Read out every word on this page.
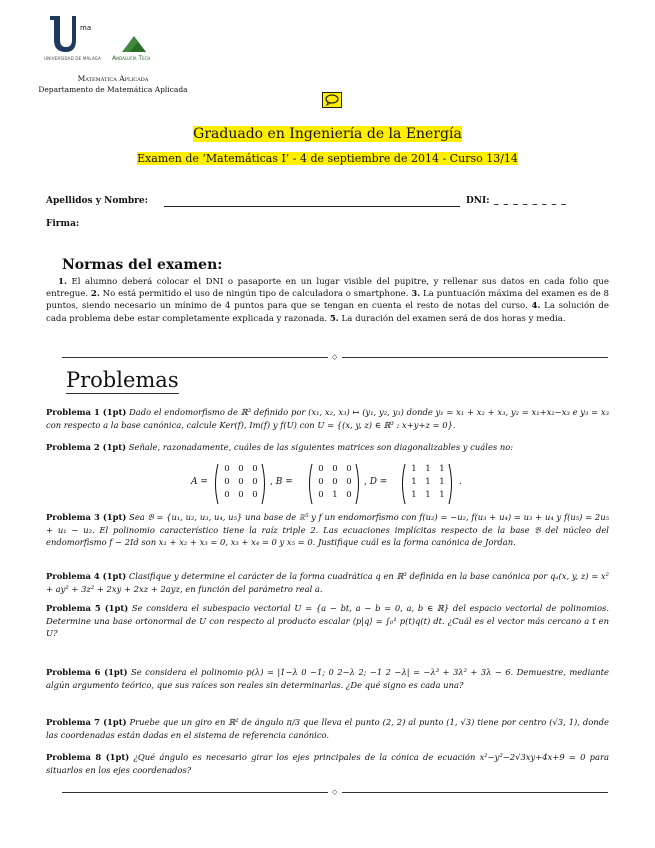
ma
UNIVERSIDAD DE MÁLAGA Andalucía Tech
Matemática Aplicada
Departamento de Matemática Aplicada
Graduado en Ingeniería de la Energía
Examen de ‘Matemáticas I’ - 4 de septiembre de 2014 - Curso 13/14
Apellidos y Nombre:	DNI: _ _ _ _ _ _ _ _
Firma:
Normas del examen:
1. El alumno deberá colocar el DNI o pasaporte en un lugar visible del pupitre, y rellenar sus datos en cada folio que entregue. 2. No está permitido el uso de ningún tipo de calculadora o smartphone. 3. La puntuación máxima del examen es de 8 puntos, siendo necesario un mínimo de 4 puntos para que se tengan en cuenta el resto de notas del curso. 4. La solución de cada problema debe estar completamente explicada y razonada. 5. La duración del examen será de dos horas y media.
◇
Problemas
Problema 1 (1pt) Dado el endomorfismo de ℝ³ definido por (x₁, x₂, x₃) ↦ (y₁, y₂, y₃) donde y₁ = x₁ + x₂ + x₃, y₂ = x₁+x₂−x₃ e y₃ = x₃ con respecto a la base canónica, calcule Ker(f), Im(f) y f(U) con U = {(x, y, z) ∈ ℝ³ : x+y+z = 0}.
Problema 2 (1pt) Señale, razonadamente, cuáles de las siguientes matrices son diagonalizables y cuáles no:
A =
0	0	0
0	0	0
0	0	0
, B =
0	0	0
0	0	0
0	1	0
, D =
1	1	1
1	1	1
1	1	1
.
Problema 3 (1pt) Sea 𝔅 = {u₁, u₂, u₃, u₄, u₅} una base de ℝ⁵ y f un endomorfismo con f(u₂) = −u₂, f(u₃ + u₄) = u₃ + u₄ y f(u₅) = 2u₅ + u₁ − u₂. El polinomio característico tiene la raíz triple 2. Las ecuaciones implícitas respecto de la base 𝔅 del núcleo del endomorfismo f − 2Id son x₁ + x₂ + x₃ = 0, x₃ + x₄ = 0 y x₅ = 0. Justifique cuál es la forma canónica de Jordan.
Problema 4 (1pt) Clasifique y determine el carácter de la forma cuadrática q en ℝ³ definida en la base canónica por qₐ(x, y, z) = x² + ay² + 3z² + 2xy + 2xz + 2ayz, en función del parámetro real a.
Problema 5 (1pt) Se considera el subespacio vectorial U = {a − bt, a − b = 0, a, b ∈ ℝ} del espacio vectorial de polinomios. Determine una base ortonormal de U con respecto al producto escalar ⟨p|q⟩ = ∫₀¹ p(t)q(t) dt. ¿Cuál es el vector más cercano a t en U?
Problema 6 (1pt) Se considera el polinomio p(λ) = |1−λ 0 −1; 0 2−λ 2; −1 2 −λ| = −λ³ + 3λ² + 3λ − 6. Demuestre, mediante algún argumento teórico, que sus raíces son reales sin determinarlas. ¿De qué signo es cada una?
Problema 7 (1pt) Pruebe que un giro en ℝ² de ángulo π/3 que lleva el punto (2, 2) al punto (1, √3) tiene por centro (√3, 1), donde las coordenadas están dadas en el sistema de referencia canónico.
Problema 8 (1pt) ¿Qué ángulo es necesario girar los ejes principales de la cónica de ecuación x²−y²−2√3xy+4x+9 = 0 para situarlos en los ejes coordenados?
◇
